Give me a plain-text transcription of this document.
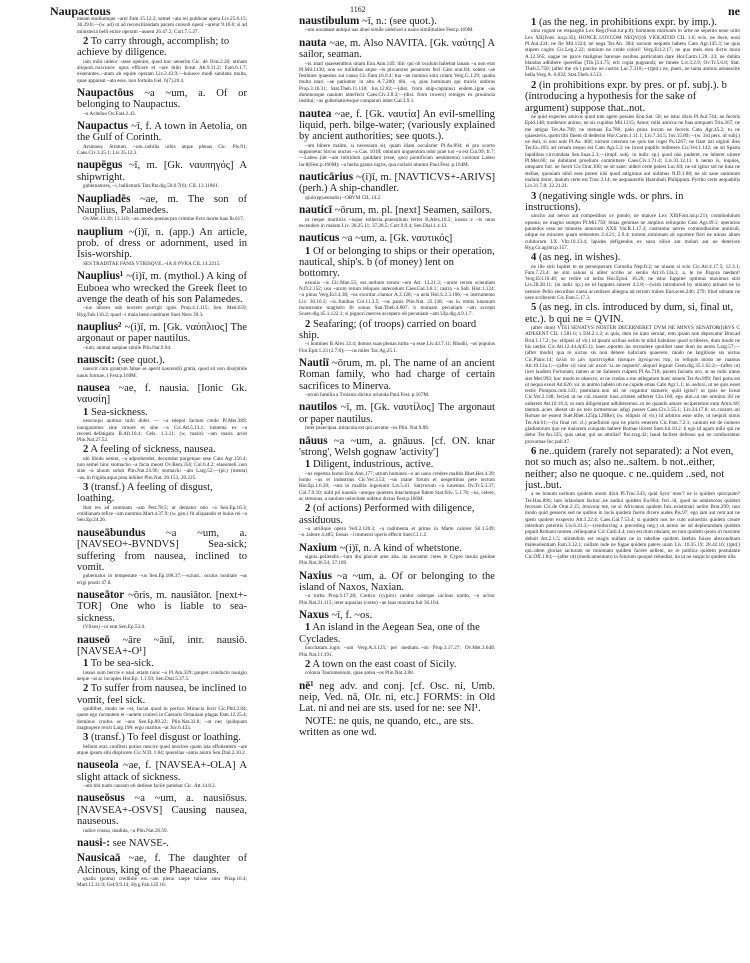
Naupactous	1162	ne
meam studiumque ~arel Fam.15.12.2; semel ~ata rei publicae opera Liv.25.6.15; 36.39.8;—(w. ad) ut ad reconciliandam pacem consuli opera ~aretur 9.16.6; si ad ministeria belli enixe operam ~assent 26.47.2; Curt.7.5.27.
2 To carry through, accomplish; to achieve by diligence.
iam mihi uideor ~asse operam, quod huc uenerim Cic. de Orat.2.26; utinam aliquod..πολιτικὸν opus efficere et ~are mihi liceat Att.9.11.2; Fam.6.1.7; exserantes..~atam ab equite operam Liv.2.43.9;—huiusce modi sanitatis multa, quae appareat ~ata esse, non fortuita Gel. 6(7).20.4.
Naupactōus ~a ~um, a. Of or belonging to Naupactus.
~o Acheloo Ov.Fast.2.43.
Naupactus ~ī, f. A town in Aetolia, on the Gulf of Corinth.
Arsinoen, Stratum, ~um..nobilis urbis atque plenas Cic. Pis.91; Caes.Civ.3.35.1; Liv.35.12.3.
naupēgus ~ī, m. [Gk. ναυπηγός] A shipwright.
gubernatores, ~i, ballistrarii Tarr.Pat.dig.50.6.7(6); CIL 13.11861.
Naupliadēs ~ae, m. The son of Nauplius, Palamedes.
Ov.Met.13.39; 13.310; ~ae..modo poenas pro crimine ficto morte luas Ib.617.
nauplium ~(i)ī, n. (app.) An article, prob. of dress or adornment, used in Isis-worship.
SES TRADITAE FANIS VTRISQVE..~IA II PVRA CIL 14.2215.
Nauplius¹ ~(i)ī, m. (mythol.) A king of Euboea who wrecked the Greek fleet to avenge the death of his son Palamedes.
~ius ultores sub noctem porrigit ignis Prop.4.1.115; Sen. Med.659; Hyg.Fab.116.2; quod ~i mala bene cantitaret Suet.Nero 39.3.
nauplius² ~(i)ī, m. [Gk. ναύπλιος] The argonaut or paper nautilus.
~ium, animal saepiae simile Plin.Nat.9.94.
nauscit: (see quot.).
nauscit cum gran(um fabae se aperit nascendi) gratia, quod sit non diss(imile nauis formae..) Fest.p.169M.
nausea ~ae, f. nausia. [Ionic Gk. ναυσίη]
1 Sea-sickness.
nescioqui animus mihi dolet. — ~a edepol factum credo Pl.Mer.389; nauigauimus sine timore et sine ~a Cic.Att.5.13.1; iumenta ex ~a recenti..defatigata B.Afr.18.4; Cels. 1.3.11; (w. maris) ~am maris arcet Plin.Nat.27.52.
2 A feeling of sickness, nausea.
ubi libido ueniet, ~a adprehendet, decumbat purgetque sese Cato Agr.156.4; non semel hinc stomacho ~a facta meost Ov.Rem.356; Col.6.4.2; elaeomeli..non sine ~a aluum soluit Plin.Nat.23.96; stomachi ~am Larg.52;—(pl.) (menta) ~as..in frigida aqua pota inhibet Plin.Nat. 20.153; 20.225.
3 (transf.) A feeling of disgust, loathing.
Ibat res ad summam ~am Petr.78.5; ut dematur otio ~a Sen.Ep.16.3; cotidianam refice ~am nummis Mart.4.37.9; (w. gen.) fit aliquando et huius rei ~a Sen.Ep.24.26.
nauseābundus ~a ~um, a. [NAVSEO+-BVNDVS] Sea-sick; suffering from nausea, inclined to vomit.
gubernator in tempestate ~us Sen.Ep.108.37;—sciunt.. oculus nouitate ~us erigi possit 47.8.
nauseātor ~ōris, m. nausiātor. [next+-TOR] One who is liable to sea-sickness.
(Vlixes) ~or erat Sen.Ep.53.4.
nauseō ~āre ~āuī, intr. nausiō. [NAVSEA+-O¹]
1 To be sea-sick.
lassus sum hercle e naui..etiam nunc ~o Pl.Am.329; pauper..conducto nauigio aeque ~at ac locuples Hor.Ep. 1.1.93; Sen.Dial.5.37.5.
2 To suffer from nausea, be inclined to vomit, feel sick.
quidlibet, modo ne ~et, faciat quod in portico Minucia fecit Cic.Phil.2.84; quem ego ructantem et ~antem conieci in Caesaris Octauiani plagas Fam.12.25.4; dominus crudus ac ~ans Sen.Ep.89.22; Plin.Nat.32.8; ~at nec quidquam magnopere reicit Larg.198; ergo maritus ~at Juv.6.433.
3 (transf.) To feel disgust or loathing.
bellum erat..confiteri potius nescire quod nescires quam ista effutientem ~are atque ipsum sibi displicere Cic.N.D. 1.84; querellas ~antis animi Sen.Dial.2.10.2.
nauseola ~ae, f. [NAVSEA+-OLA] A slight attack of sickness.
~am tibi tuam causam oti dedisse facile patiebar Cic. Att.14.8.2.
nauseōsus ~a ~um, a. nausiōsus. [NAVSEA+-OSVS] Causing nausea, nauseous.
radice crassa, madida, ~a Plin.Nat.26.59.
nausi-: see NAVSE-.
Nausicaā ~ae, f. The daughter of Alcinous, king of the Phaeacians.
qualia (poma) credibile est..~am pleno saepe tulisse sinu Priap.16.4; Mart.12.31.9; Gel.9.9.14; Hyg.Fab.125.18.
naustibulum ~ī, n.: (see quot.).
~um uocabant antiqui uas aluei simile uidelicet a nauis similitudine Fest.p.169M.
nauta ~ae, m. Also NAVITA. [Gk. ναύτης] A sailor, seaman.
~is..mari quaesentibus uitam Enn.Ann.145; illic qui ob oculum habebat lanam ~a non erat Pl.Mil.1430; non ex militibus atque ~is piscatores penatores feci Cato orat.84; solent ~ae festinare quaestus sui causa Cic.Fam.16.9.4; tua ~ae numina sola colant Verg.G.1.29; qualia multa mari ~ae patiuntur in alto A.7.200; tibi, ~a, pias hominum qui traicis umbras Prop.3.18.31; Stat.Theb.11.118; Juv.12.82;—(dist. from ship-captains) eodem..igne ~as dominosque nauium interfecit Caes.Civ.3.8.3;—(dist. from rowers) remiges ex prouincia institui; ~as gubernatoresque comparari iubet Gal.3.9.1.
nautea ~ae, f. [Gk. ναυτία] An evil-smelling liquid, perh. bilge-water; (variously explained by ancient authorities; see quots.).
~am bibere malim, si necessum sit, quam illam oscularier Pl.As.894; ei pro scorto supponetur hircus unctus ~a Cas. 1018; omnium unguentum odor prae tuo ~a est Cur.99; fr.7;—Labeo..(ait ~am rubi)dum quiddam (esse, quo) pontificum uestimenta) colorant Labeo iur.8(Fest.p.166M); ~a herba granis nigris, qua coriarii utuntur Paul.Fest. p.164M.
nauticārius ~(i)ī, m. [NAVTICVS+-ARIVS] (perh.) A ship-chandler.
q(uin)q(uennalis) ~ORVM CIL 14.2.
nauticī ~ōrum, m. pl. [next] Seamen, sailors.
ut neque mariticis ~isque sollertia..praesidium ferret B.Alex.16.5; iussus e ~is unus escendere in malum Liv. 30.25.11; 37.28.5; Curt.9.9.4; Sen.Dial.1.4.13.
nauticus ~a ~um, a. [Gk. ναυτικός]
1 Of or belonging to ships or their operation, nautical, ship's. b (of money) lent on bottomry.
exuuiis ~is Cic.Man.55; est..uerbum totum ~um Att. 13.21.3; ~arum rerum scientiam N.D.2.152; usu ~arum rerum reliquos antecedunt Caes.Gal.3.8.1; castra ~a Sall. Hist.1.124; ~a pinus Verg.Ecl.4.38; ~us exoritur..clamor A.3.128; ~a uela Hor.S.2.3.106; ~o instrumento Liv. 30.10.3; ~is..funibus Col.11.3.5; ~us panis Plin.Nat. 22.138; ~us in remis iuuenum monstrante magistro fit sonus Stat.Theb.4.807. b mutuam pecuniam ~am accepit Scaev.dig.45.1.122.1; si pignori merces accepero ob pecuniam ~am Ulp.dig.4.9.1.7.
2 Seafaring; (of troops) carried on board ship.
~i homines B.Alex.12.4; domos suas plenas turba ~a esse Liv.43.7.11; Rhodii, ~us populus Flor.Epit.1.23 (2.7.8);—~us miles Tac.Ag.25.1.
Nautiī ~ōrum, m. pl. The name of an ancient Roman family, who had charge of certain sacrifices to Minerva.
~orum familia a Troianis dicitur oriunda Paul.Fest. p.167M.
nautilos ~ī, m. [Gk. ναυτίλος] The argonaut or paper nautilus.
Inter praecipua..miracula est qui uocatur ~os Plin. Nat.9.88.
nāuus ~a ~um, a. gnāuus. [cf. ON. knar 'strong', Welsh gognaw 'activity']
1 Diligent, industrious, active.
~us repertus homo Enn.Ann.177; utrum homines ~o an uano credere malitis Rhet.Her.4.39; homo ~us et industrius Cic.Ver.3.53; ~us mane forum et uespertinus pete tectum Hor.Ep.1.6.20; ~um in malitia ingenium Liv.5.41. Satyrorum ~a iuuentus Ov.Tr.5.3.37; Col.7.9.10; uidit pii iuuenis ~amque quietem intactamque fidem Stat.Silv. 5.1.76; ~us, celere, ac strenuus, a nauium uelocitate uidetur dictus Fest.p.166M.
2 (of actions) Performed with diligence, assiduous.
~a utriliquе opera Vell.2.120.3; ~a rudimenta et prime in Marte calores Sil.1.549; ~o..labore 4.485; fossas ~i immensi operis effecit Suet.Cl.1.2.
Naxium ~(i)ī, n. A kind of whetstone.
signis..poliendis..~ium diu placuit ante alia. ita uocantur cotes in Cypro insula genitae Plin.Nat.36.54; 37.109.
Naxius ~a ~um, a. Of or belonging to the island of Naxos, Naxian.
~a turba Prop.3.17.28; Cretico (cypiro) candor odorque uicinus nardo, ~o acrior Plin.Nat.21.115; inter aquarias (cotes) ~ae laus maxima fuit 36.164.
Naxus ~ī, f. ~os.
1 An island in the Aegean Sea, one of the Cyclades.
bacchatam..iugis ~um Verg.A.3.125; per mediam..~on Prop.3.17.27; Ov.Met.3.640; Plin.Nat.11.191.
2 A town on the east coast of Sicily.
colonia Tauromenium, quae antea ~os Plin.Nat.3.88.
nē¹ neg adv. and conj. [cf. Osc. ni, Umb. neip, Ved. nā, OIr. ni, etc.] FORMS: in Old Lat. ni and nei are sts. used for ne: see NI¹.
NOTE: ne quis, ne quando, etc., are sts. written as one wd.
1 (as the neg. in prohibitions expr. by imp.).
uino rogum ne respargito Lex Reg.(Font.iur.p.8); hominem mortuum in urbe ne sepelito neue urito Lex XII(Font. iur.p.35); HONCE LOVCOM NEQV(I)S VIOLATOD CIL 1.6; scio, ne doce, noui Pl.Aul.434; ne fle Mil.1324; ne nega Ter.An. 384; socium nequem habeto Cato Agr.145.3; ne quis stipem cogito Cic.Leg.2.22; nimium ne crede colori! Verg.Ecl.2.17; ne qua meis esto dictis mora A.12.565; uagae ne parce malignus harenae ossibus..particulam dare Hor.Carm.1.28. 23; ne dubita blandas adhibere querellas [Tib.]3.4.75; erit copia pugnandi; ne timete Liv.3.2.9; Ov.Tr.5.6.8; Stat. Theb.5.750; (after the vb.) parcite ne castris Luc.7.318;—(rptd.) ne, pueri, ne tanta animis adsuescite bella Verg.A. 6.832; Stat.Theb.4.513.
2 (in prohibitions expr. by pres. or pf. subj.). b (introducing a hypothesis for the sake of argument) suppose that..not.
ne quid expectes amicos quod tute agere possies Enn.Sat. 58; ne istuc dixis Pl.Aul.744; ne feceris Epid.148; moderare animo, ne sis cupidus Mil.1215; Amor, mihi amicus ne fuas umquam Trin.267; ne me attigas Ter.An.789; ne metuas Eu.786; palo prius locum ne feceris Cato Agr.45.2; tu ne quaesieris..quem tibi finem di dederint Hor.Carm.1.11.1; Liv.7.34.5; Juv.15.89;—(w. 3rd pers. of subj.) ne duit, si non uolt Pl.As. 460; uictum ceterum ne quis me roget Ps.1267; ne fiant isti uiginti dies Ter.Eu.183; ad cenam nequo est Cato Agr.5.2; ne liceat pupillo redimere Cic.Ver.1.142; ne sit Sparta lapidibus circumdata Sen.Suas.2.3;—(impf. subj. in indir. sp.) quod nisi puderet, ne luberet uiuere Pl.Mer.60; ne dubitaret proelium committere Caes.Civ.1.71.4; Liv.33.12.11. b nemo is, inquies, umquam fuit. ne fuerit Cic.Orat.100; ne sit sane: uideri certe potest Luc.84; ne sit igitur sol ne luna ne stellae, quoniam nihil esse potest nisi quod attigimus aut uidimus N.D.1.88; ne sit sane summum malum dolor, malum certe est Tusc.2.14; ne aequaueritis Hannibali Philippum..Pyrrho certe aequabitis Liv.31.7.8; 32.21.21.
3 (negativing single wds. or phrs. in instructions).
uincito aut neruo aut compedibus xv pondo, ne maiore Lex XII(Font.iur.p.21); commodulum opsona, ne magno sumptu Pl.Mil.750; binas gemmas ne amplius relinquito Cato Agr.49.1; operarios parandos esse..ne minores annorum XXII Var.R.1.17.3; castrantur uerres commodissime anniculi, utique ne minores quam semestres 2.4.21; 2.9.4; turrem..minimam sit oportere fieri ne minus altam cubitorum LX Vitr.10.13.4; lapides defigendos ex saxo silice aut molari aut ne deteriore Hyg.Gr.agrim.p.157.
4 (as neg. in wishes).
ne ille sirit Iupiter te ea persequerare Cornelia Nep.fr.2; ne uiuam si scio Cic.Att.4.17.5; 12.3.1; Fam.7.23.4; ne sim saluus si aliter scribo ac sentio Att.16.13a.1; a, te ne frigora laedant! Verg.Ecl.10.48; ne redire sit nefas Hor.Epod. 16.26; ne istuc Iuppiter optimus maximus sirit Liv.28.28.11; (in indir. sp.) ne id Iuppiter..sineret 4.2.8;—(wish introduced by utinam) utinam ne in nemore Pelio securibus caesa accedisset abiegna ad terram trabes Enn.scen.246; 279; illud utinam ne uere scriberem Cic.Fam.5.17.3.
5 (as neg. in cls. introduced by dum, si, final ut, etc.). b qui ne = QVIN.
(after dum) VTEI SENATVS NOSTER DECERNERET DVM NE MINVS SENATOR(I)BVS C ADESENT CIL 1.581.6; 1.594.2.1.2; si quis, dum ne irato seruiat, rem ipsam non deprecatur Brut.ad Brut.1.17.2; (w. ellipsis of vb.) id ipsum scribas uelim te nihil habuisse quod scriberes, dum modo ne his uerbis Cic.Att.12.44.4(45.1); haec..oportet..ita recondere quolibet uase dum ne aereo Larg.57;—(after modo) qua re uictus sis non debere iudicium quaerere, modo ne largitione sis uictus Cic.Planc.14; ἀλλὰ τὸ μὲν προτετύχθαι ἐάσομεν ἀχνύμενοί περ, in reliquis modo ne ruamus Att.10.12a.1;—(after si) cum uir uxori 'si..ne nupserit'..aliquid legauit Clem.dig.35.1.62.2;—(after ut) licet laudem Fortunam, tamen ut ne Salutem culpem Pl.As.718; pacem faciatis oro, ut ne mihi iratus siet Mer.992; hoc modo te obsecro, ut ne credas a me adlegatum hunc senem Ter.An.899; fieri potis est ut nequa exeat Ad.626; sic in animo habeto uti ne cupide emas Cato Agr.1.1; te..seduxi, ut ne quis esset testis Pompon.com.143; postulant..non uti ne cogantur statuere; quid igitur? ut ipsis ne liceat Cic.Ver.2.148; fecisti ut ne cui..maeror tuus..crimen adferret Clu.168; ego abii..ut me omnino illi ne uiderent Att.10.16.4; ut eam diligentiam adhiberemus..ut ne quando amare inciperemus eum Amic.60; tantum..acies aberat uti ne telo tormentoue adigi posset Caes.Civ.3.55.1; Liv.34.17.8; ut..curaret..uti Romae ne essent Suet.Rhet.125(p.120Re); (w. ellipsis of vb.) id arbitror..esse utile, ut nequid nimis Ter.An.61;—(in final rel. cl.) praefinisti quo ne pluris emerem Cic.Fam.7.2.1; cautum est de numero gladiatorum quo ne maiorem cuiquam habere Romae liceret Suet.Jul.10.2. b ego id agam mihi qui ne detur Ter.An.335; quis uetat, qui ne attollat? Pac.trag.42; haud facilest defensu qui ne comburantur proxumae Inc.pall.47.
6 ne..quidem (rarely not separated): a Not even, not so much as; also ne..saltem. b not..either, neither; also ne quoque. c ne..quidem ..sed, not just..but.
a ne bonum uerbum quidem unum dixit Pl.Truc.543; quid Syru' meu'? ne is quidem quicquam? Ter.Hau.896; tam infandum facinu'..ne audiui quidem Eu.664; feci..id, quod ne adulescens quidem feceram Cic.de Orat.2.15; ἀπονοία me, ne si Africanus quidem fuit..existimari uelim Brut.299; non modo quid gesseris sed ne quibus in locis quidem fueris dicere audes Pis.97; ego iam aut rem aut ne spem quidem exspecto Att.3.22.4; Caes.Gal.7.53.4; si quidem nos ne cum uolueritis quidem creare interdum poteritis Liv.6.41.3;—(reinforcing a preceding neg.) ut..nemo ne ad deplorandum quidem populi Romani nomen..relinquatur Cic.Catil.4.4; non est itum obsiam; ne tum quidem quom iri maxime debuit Att.2.1.5; mirandum est magis nullam ne in tabellae quidem latebra fuisse absconditam maleuolentiam Fam.3.12.1; nullam inde ne fugae quidem patere uiam Liv. 10.35.19; 28.42.16; (rptd.) qui..idem gloriae iacturam ne minimam quidem facere uellent, ne re publica quidem postulante Cic.Off.1.84;—(after ut) (medicamentum) in futurum quoque remediat, ita ut ne suspicio quidem ulla
